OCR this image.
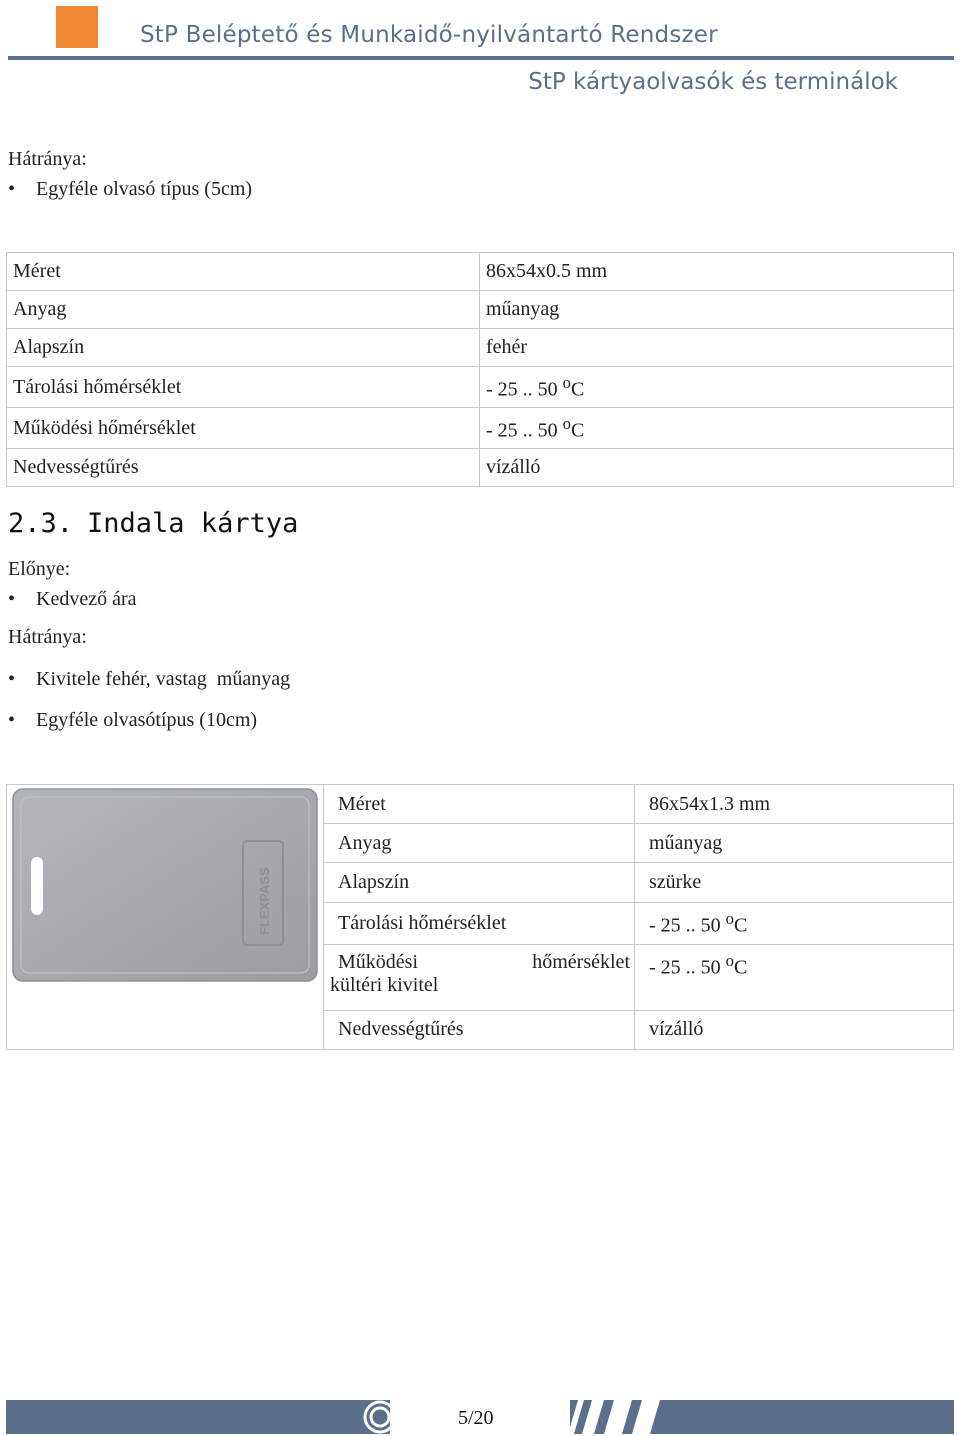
StP Beléptető és Munkaidő-nyilvántartó Rendszer
StP kártyaolvasók és terminálok
Hátránya:
• Egyféle olvasó típus (5cm)
Méret	86x54x0.5 mm
Anyag	műanyag
Alapszín	fehér
Tárolási hőmérséklet	- 25 .. 50 $^o$C
Működési hőmérséklet	- 25 .. 50 $^o$C
Nedvességtűrés	vízálló
2.3. Indala kártya
Előnye:
• Kedvező ára
Hátránya:
• Kivitele fehér, vastag  műanyag
• Egyféle olvasótípus (10cm)
FLEXPASS	Méret	86x54x1.3 mm
	Anyag	műanyag
	Alapszín	szürke
	Tárolási hőmérséklet	- 25 .. 50 $^o$C

	Működési hőmérséklet
kültéri kivitel	- 25 .. 50 $^o$C
	Nedvességtűrés	vízálló
5/20
